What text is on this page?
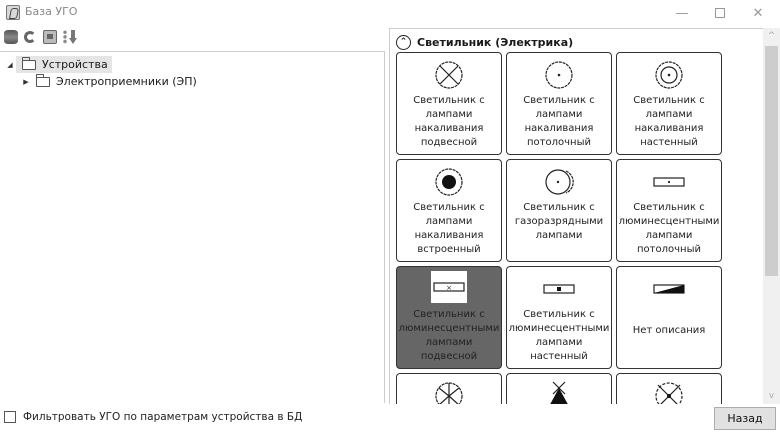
База УГО	—	✕
◢	Устройства
▶	Электроприемники (ЭП)
⌃ Светильник (Электрика)
Светильник с
лампами
накаливания
подвесной
Светильник с
лампами
накаливания
потолочный
Светильник с
лампами
накаливания
настенный
Светильник с
лампами
накаливания
встроенный
Светильник с
газоразрядными
лампами
Светильник с
люминесцентными
лампами
потолочный
×
Светильник с
люминесцентными
лампами
подвесной
Светильник с
люминесцентными
лампами
настенный
Нет описания
^
v
Фильтровать УГО по параметрам устройства в БД	Назад
